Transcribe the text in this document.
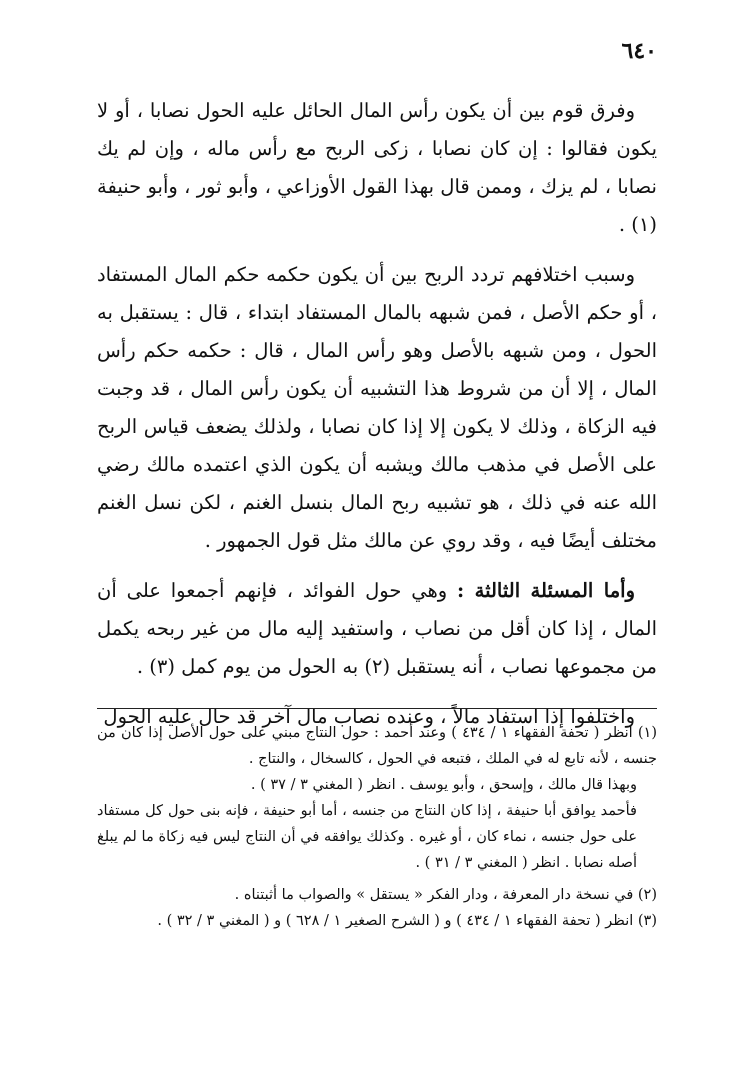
٦٤٠

وفرق قوم بين أن يكون رأس المال الحائل عليه الحول نصابا ، أو لا يكون فقالوا : إن كان نصابا ، زكى الربح مع رأس ماله ، وإن لم يك نصابا ، لم يزك ، وممن قال بهذا القول الأوزاعي ، وأبو ثور ، وأبو حنيفة (١) .

وسبب اختلافهم تردد الربح بين أن يكون حكمه حكم المال المستفاد ، أو حكم الأصل ، فمن شبهه بالمال المستفاد ابتداء ، قال : يستقبل به الحول ، ومن شبهه بالأصل وهو رأس المال ، قال : حكمه حكم رأس المال ، إلا أن من شروط هذا التشبيه أن يكون رأس المال ، قد وجبت فيه الزكاة ، وذلك لا يكون إلا إذا كان نصابا ، ولذلك يضعف قياس الربح على الأصل في مذهب مالك ويشبه أن يكون الذي اعتمده مالك رضي الله عنه في ذلك ، هو تشبيه ربح المال بنسل الغنم ، لكن نسل الغنم مختلف أيضًا فيه ، وقد روي عن مالك مثل قول الجمهور .

وأما المسئلة الثالثة : وهي حول الفوائد ، فإنهم أجمعوا على أن المال ، إذا كان أقل من نصاب ، واستفيد إليه مال من غير ربحه يكمل من مجموعها نصاب ، أنه يستقبل (٢) به الحول من يوم كمل (٣) .

واختلفوا إذا استفاد مالاً ، وعنده نصاب مال آخر قد حال عليه الحول

(١) انظر ( تحفة الفقهاء ١ / ٤٣٤ ) وعند أحمد : حول النتاج مبني على حول الأصل إذا كان من جنسه ، لأنه تابع له في الملك ، فتبعه في الحول ، كالسخال ، والنتاج .

وبهذا قال مالك ، وإسحق ، وأبو يوسف . انظر ( المغني ٣ / ٣٧ ) .

فأحمد يوافق أبا حنيفة ، إذا كان النتاج من جنسه ، أما أبو حنيفة ، فإنه بنى حول كل مستفاد على حول جنسه ، نماء كان ، أو غيره . وكذلك يوافقه في أن النتاج ليس فيه زكاة ما لم يبلغ أصله نصابا . انظر ( المغني ٣ / ٣١ ) .

(٢) في نسخة دار المعرفة ، ودار الفكر « يستقل » والصواب ما أثبتناه .

(٣) انظر ( تحفة الفقهاء ١ / ٤٣٤ ) و ( الشرح الصغير ١ / ٦٢٨ ) و ( المغني ٣ / ٣٢ ) .
